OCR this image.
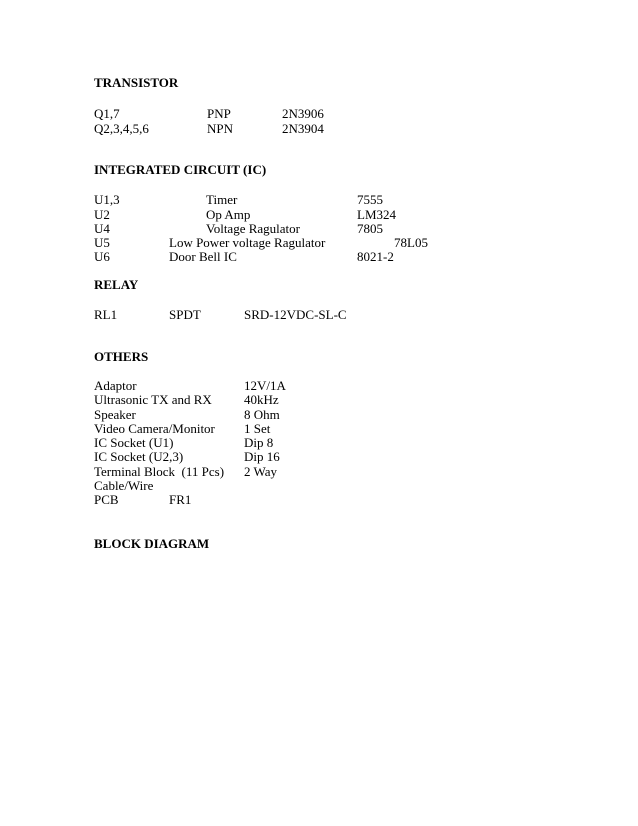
TRANSISTOR
Q1,7	PNP	2N3906
Q2,3,4,5,6	NPN	2N3904
INTEGRATED CIRCUIT (IC)
U1,3	Timer	7555
U2	Op Amp	LM324
U4	Voltage Ragulator	7805
U5	Low Power voltage Ragulator	78L05
U6	Door Bell IC	8021-2
RELAY
RL1	SPDT	SRD-12VDC-SL-C
OTHERS
Adaptor	12V/1A
Ultrasonic TX and RX 40kHz
Speaker	8 Ohm
Video Camera/Monitor 1 Set
IC Socket (U1)	Dip 8
IC Socket (U2,3)	Dip 16
Terminal Block  (11 Pcs) 2 Way
Cable/Wire
PCB	FR1
BLOCK DIAGRAM
